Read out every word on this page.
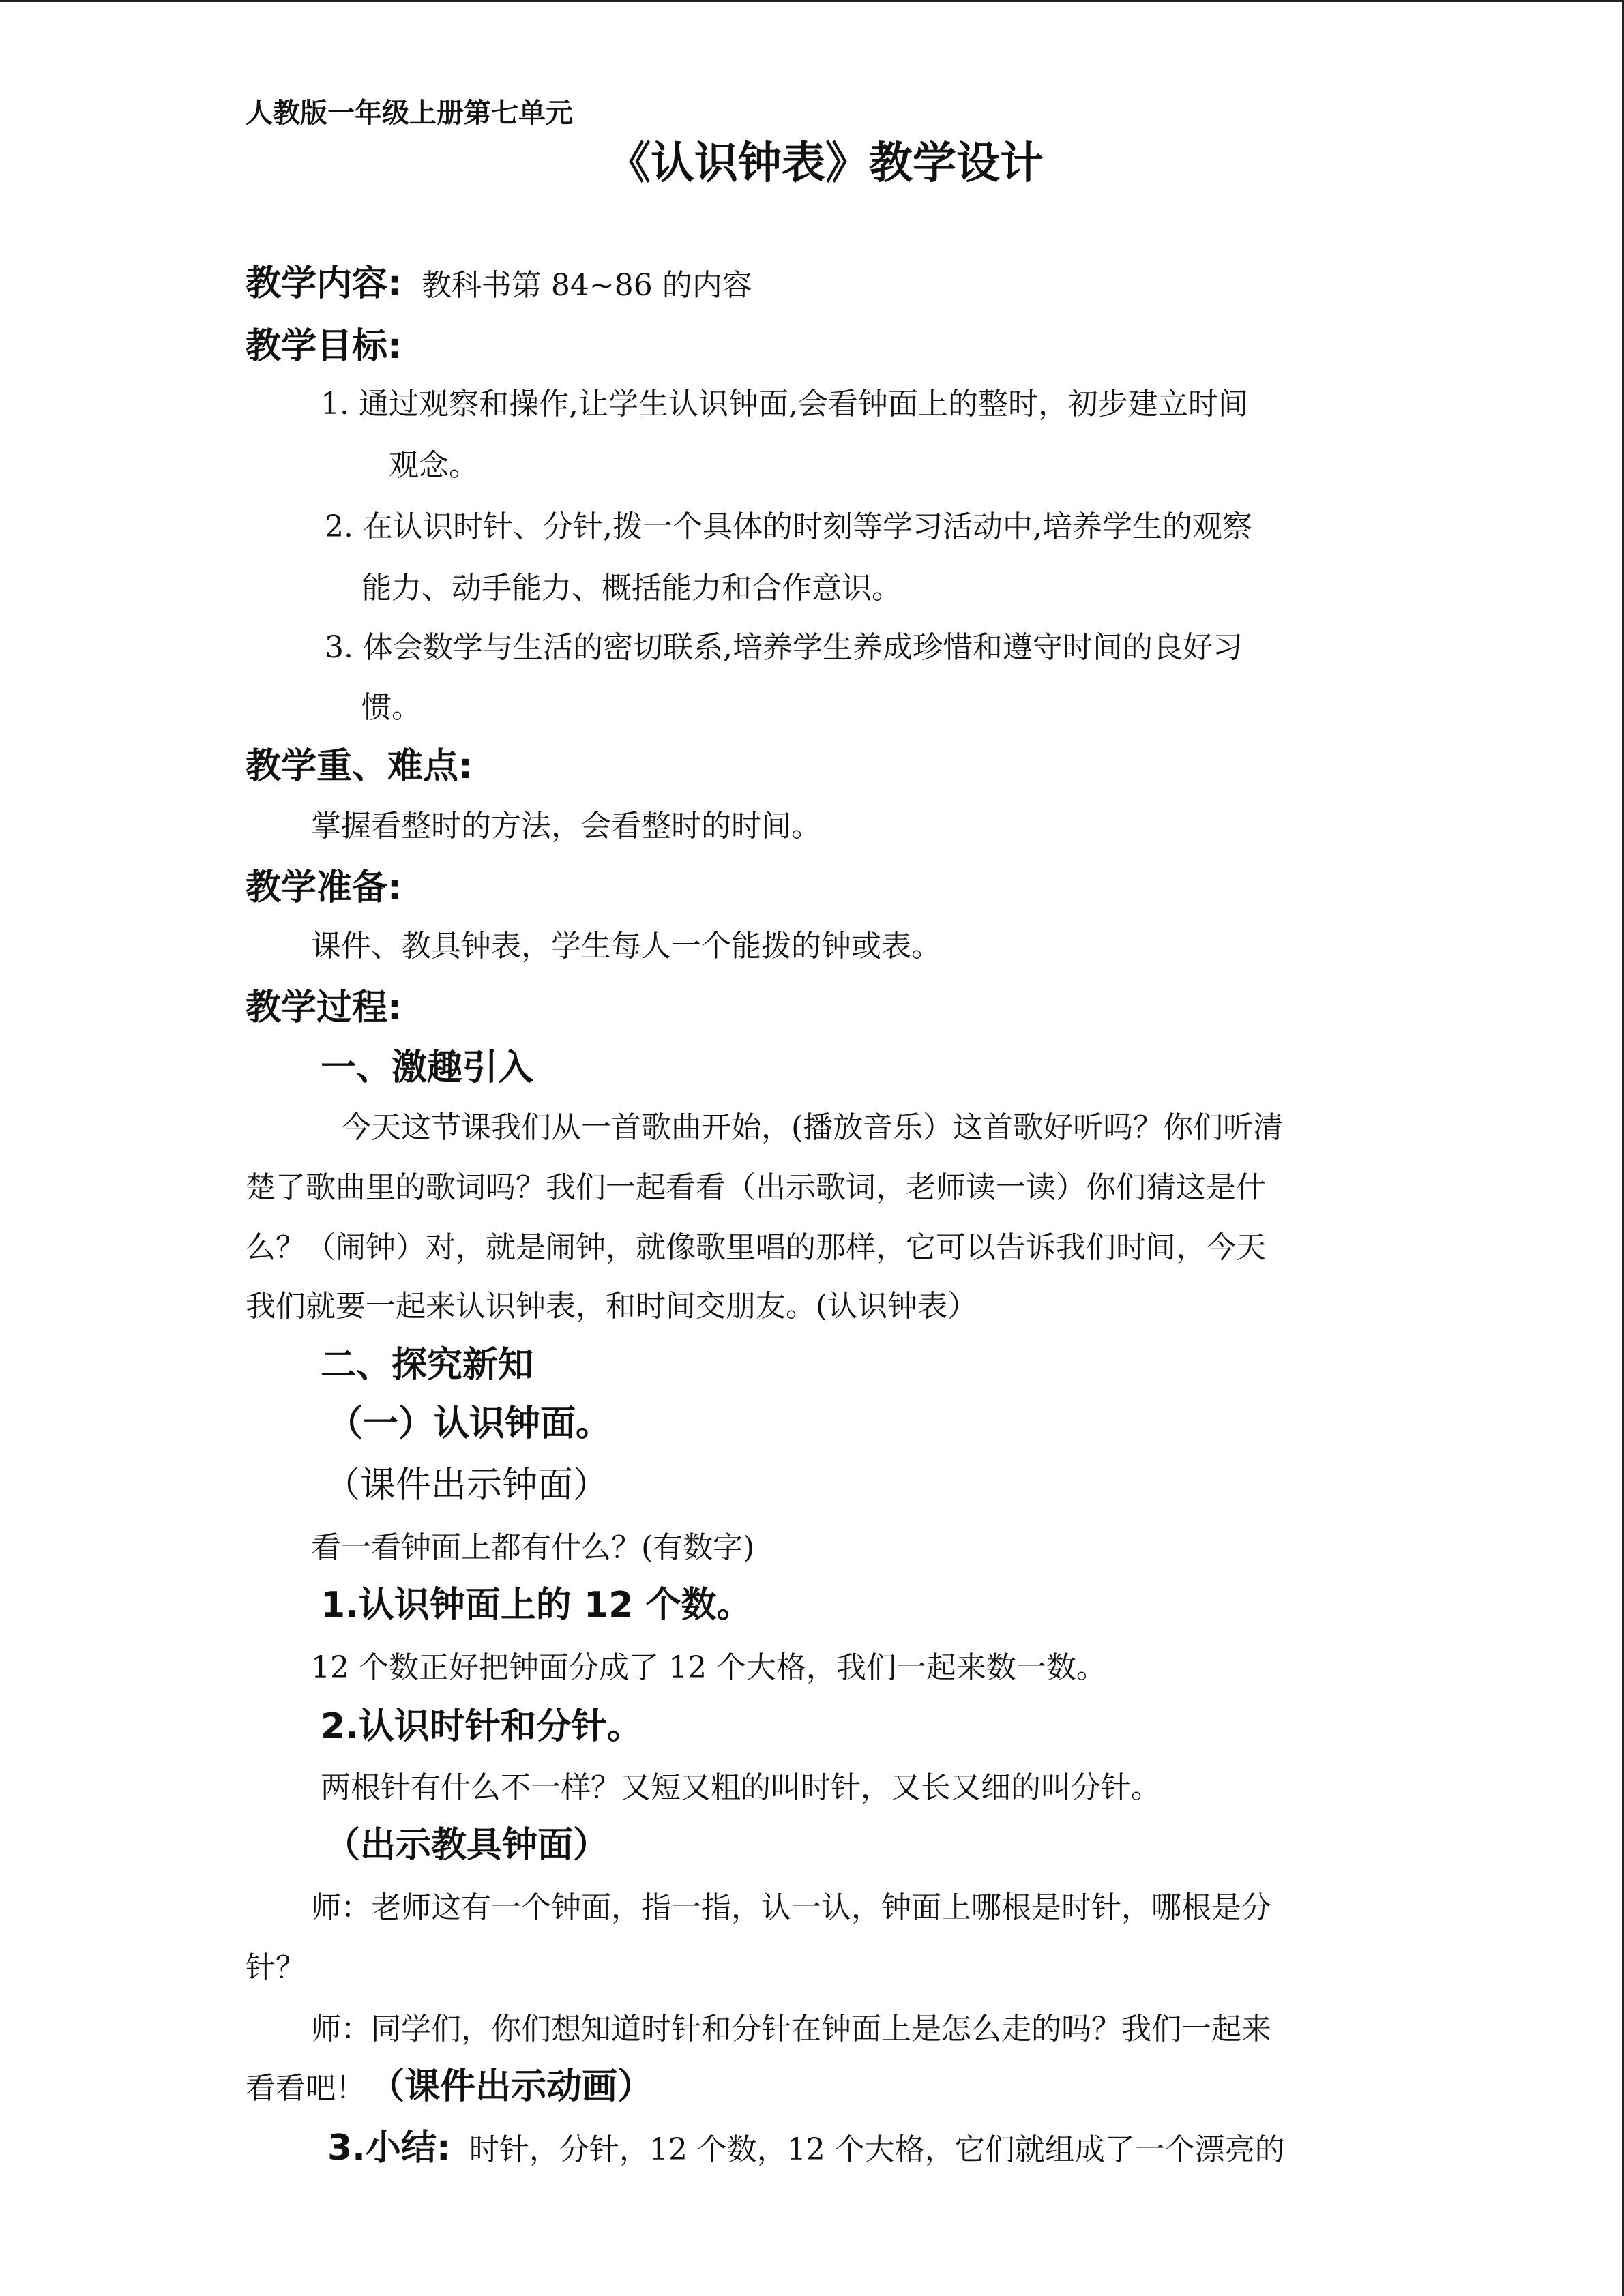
人教版一年级上册第七单元
《认识钟表》教学设计
教学内容: 教科书第 84~86 的内容
教学目标:
1. 通过观察和操作,让学生认识钟面,会看钟面上的整时，初步建立时间
观念。
2. 在认识时针、分针,拨一个具体的时刻等学习活动中,培养学生的观察
能力、动手能力、概括能力和合作意识。
3. 体会数学与生活的密切联系,培养学生养成珍惜和遵守时间的良好习
惯。
教学重、难点:
掌握看整时的方法，会看整时的时间。
教学准备:
课件、教具钟表，学生每人一个能拨的钟或表。
教学过程:
一、激趣引入
今天这节课我们从一首歌曲开始，(播放音乐）这首歌好听吗？你们听清
楚了歌曲里的歌词吗？我们一起看看（出示歌词，老师读一读）你们猜这是什
么？（闹钟）对，就是闹钟，就像歌里唱的那样，它可以告诉我们时间，今天
我们就要一起来认识钟表，和时间交朋友。(认识钟表）
二、探究新知
（一）认识钟面。
（课件出示钟面）
看一看钟面上都有什么？(有数字)
1.认识钟面上的 12 个数。
12 个数正好把钟面分成了 12 个大格，我们一起来数一数。
2.认识时针和分针。
两根针有什么不一样？又短又粗的叫时针，又长又细的叫分针。
（出示教具钟面）
师：老师这有一个钟面，指一指，认一认，钟面上哪根是时针，哪根是分
针？
师：同学们，你们想知道时针和分针在钟面上是怎么走的吗？我们一起来
看看吧！ （课件出示动画）
3.小结: 时针，分针，12 个数，12 个大格，它们就组成了一个漂亮的
